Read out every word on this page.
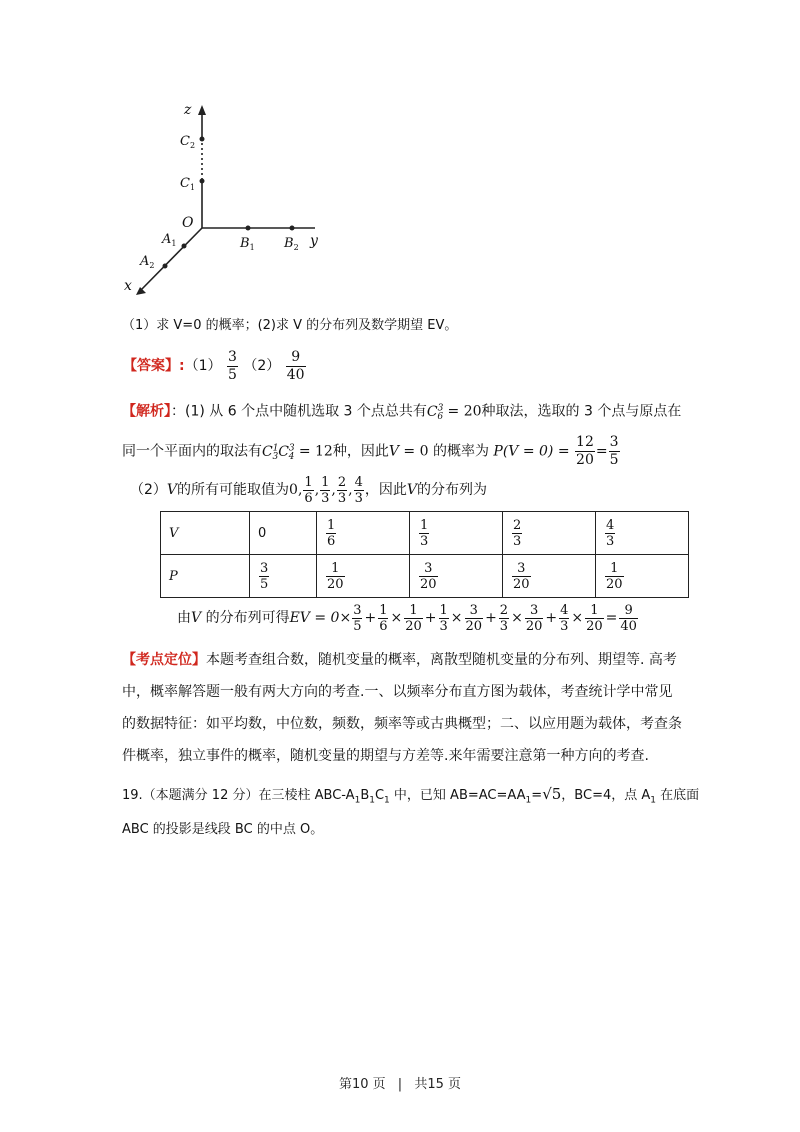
z
O
y
x
$C_2$
$C_1$
$B_1$ $B_2$
$A_1$
$A_2$
（1）求 V=0 的概率；(2)求 V 的分布列及数学期望 EV。
【答案】:（1） $\frac{3}{5} (2) \frac{9}{40}$
【解析】：(1) 从 6 个点中随机选取 3 个点总共有$C^3_6 = 20$种取法，选取的 3 个点与原点在
同一个平面内的取法有$C^1_3C^3_4 = 12$种，因此V = 0 的概率为 $P(V = 0) = \frac{12}{20} = \frac{3}{5}$
（2）V的所有可能取值为0, $\frac{1}{6}$ , $\frac{1}{3}$ , $\frac{2}{3}$ , $\frac{4}{3}$ ，因此V的分布列为
V	0	$\frac{1}{6}$	$\frac{1}{3}$	$\frac{2}{3}$	$\frac{4}{3}$

P	$\frac{3}{5}$	$\frac{1}{20}$	$\frac{3}{20}$	$\frac{3}{20}$	$\frac{1}{20}$
由V 的分布列可得EV = $0\times \frac{3}{5} + \frac{1}{6} \times \frac{1}{20} + \frac{1}{3} \times \frac{3}{20} + \frac{2}{3} \times \frac{3}{20} + \frac{4}{3} \times \frac{1}{20} = \frac{9}{40}$
【考点定位】本题考查组合数，随机变量的概率，离散型随机变量的分布列、期望等. 高考
中，概率解答题一般有两大方向的考查.一、以频率分布直方图为载体，考查统计学中常见
的数据特征：如平均数，中位数，频数，频率等或古典概型；二、以应用题为载体，考查条
件概率，独立事件的概率，随机变量的期望与方差等.来年需要注意第一种方向的考查.
19.（本题满分 12 分）在三棱柱 ABC-$A_1B_1C_1$ 中，已知 $AB=AC=AA_1=√5$，BC=4，点 $A_1$ 在底面
ABC 的投影是线段 BC 的中点 O。
第10 页 | 共15 页
